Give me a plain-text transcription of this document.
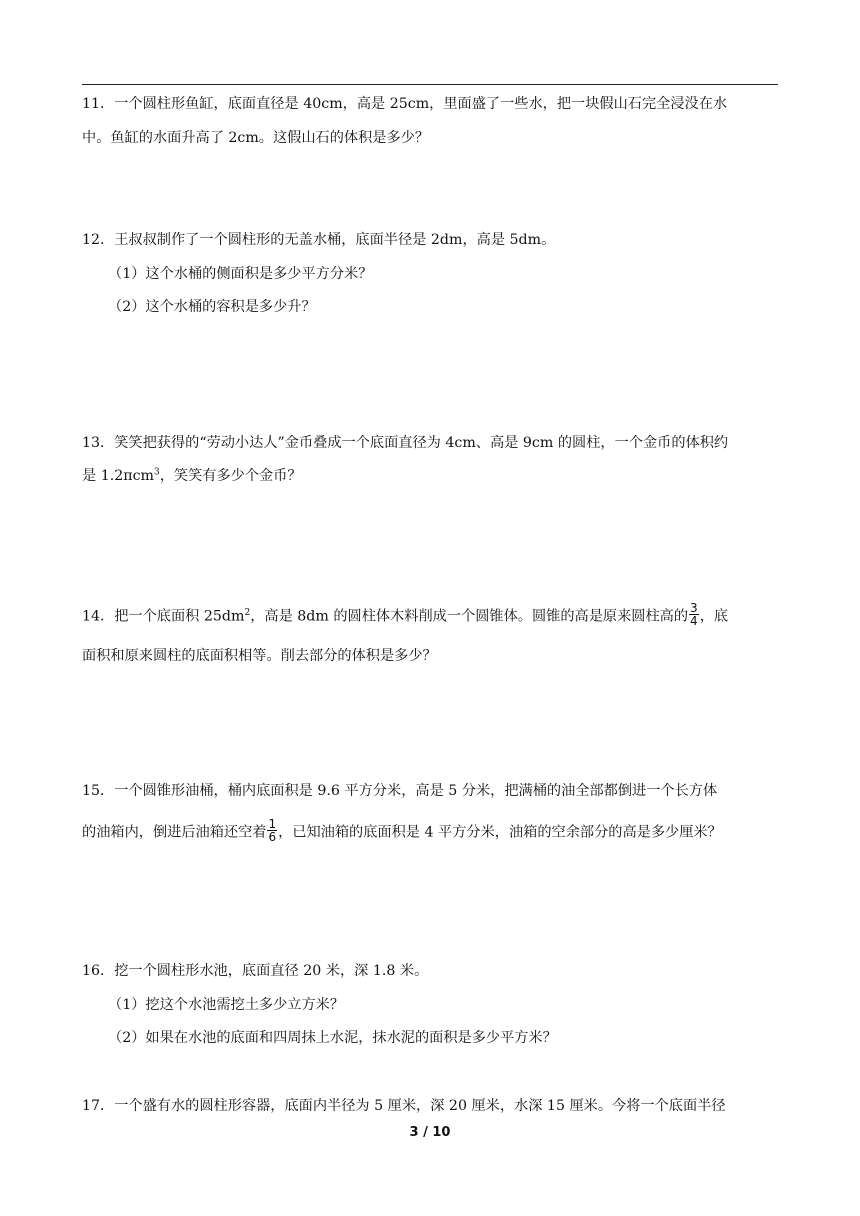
11．一个圆柱形鱼缸，底面直径是 40cm，高是 25cm，里面盛了一些水，把一块假山石完全浸没在水
中。鱼缸的水面升高了 2cm。这假山石的体积是多少？
12．王叔叔制作了一个圆柱形的无盖水桶，底面半径是 2dm，高是 5dm。
（1）这个水桶的侧面积是多少平方分米？
（2）这个水桶的容积是多少升？
13．笑笑把获得的“劳动小达人”金币叠成一个底面直径为 4cm、高是 9cm 的圆柱，一个金币的体积约
是 1.2πcm$^3$，笑笑有多少个金币？
14．把一个底面积 $25dm^2$，高是 8dm 的圆柱体木料削成一个圆锥体。圆锥的高是原来圆柱高的 $\frac{3}{4}$ ，底
面积和原来圆柱的底面积相等。削去部分的体积是多少？
15．一个圆锥形油桶，桶内底面积是 9.6 平方分米，高是 5 分米，把满桶的油全部都倒进一个长方体
的油箱内，倒进后油箱还空着 $\frac{1}{6}$ ，已知油箱的底面积是 4 平方分米，油箱的空余部分的高是多少厘米？
16．挖一个圆柱形水池，底面直径 20 米，深 1.8 米。
（1）挖这个水池需挖土多少立方米？
（2）如果在水池的底面和四周抹上水泥，抹水泥的面积是多少平方米？
17．一个盛有水的圆柱形容器，底面内半径为 5 厘米，深 20 厘米，水深 15 厘米。今将一个底面半径
3 / 10
